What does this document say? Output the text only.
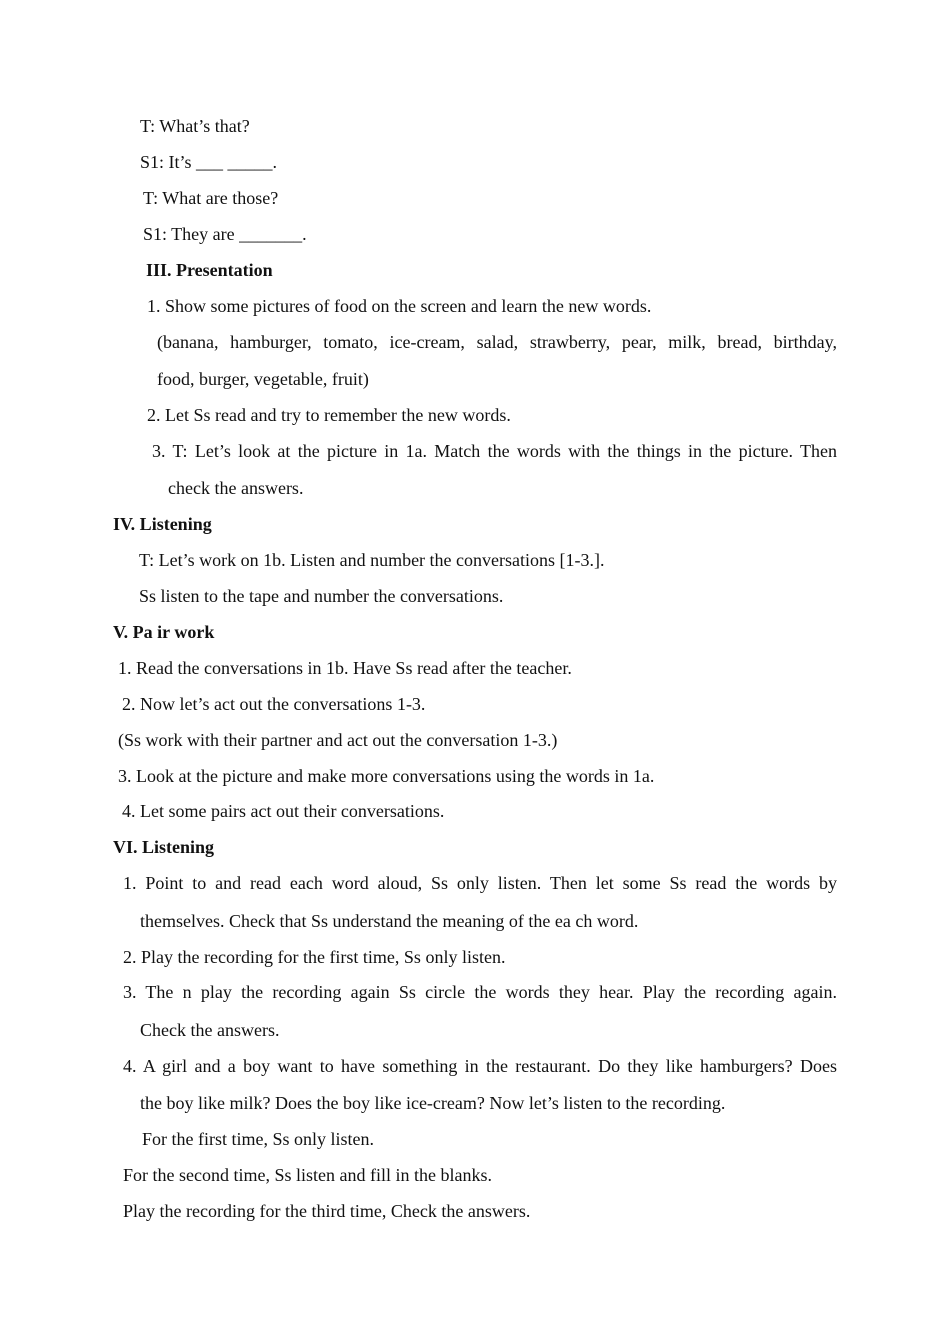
T: What’s that?
S1: It’s ___ _____.
T: What are those?
S1: They are _______.
III. Presentation
1. Show some pictures of food on the screen and learn the new words.
(banana, hamburger, tomato, ice-cream, salad, strawberry, pear, milk, bread, birthday,
food, burger, vegetable, fruit)
2. Let Ss read and try to remember the new words.
3. T: Let’s look at the picture in 1a. Match the words with the things in the picture. Then
check the answers.
IV. Listening
T: Let’s work on 1b. Listen and number the conversations [1-3.].
Ss listen to the tape and number the conversations.
V. Pa ir work
1. Read the conversations in 1b. Have Ss read after the teacher.
2. Now let’s act out the conversations 1-3.
(Ss work with their partner and act out the conversation 1-3.)
3. Look at the picture and make more conversations using the words in 1a.
4. Let some pairs act out their conversations.
VI. Listening
1. Point to and read each word aloud, Ss only listen. Then let some Ss read the words by
themselves. Check that Ss understand the meaning of the ea ch word.
2. Play the recording for the first time, Ss only listen.
3. The n play the recording again Ss circle the words they hear. Play the recording again.
Check the answers.
4. A girl and a boy want to have something in the restaurant. Do they like hamburgers? Does
the boy like milk? Does the boy like ice-cream? Now let’s listen to the recording.
For the first time, Ss only listen.
For the second time, Ss listen and fill in the blanks.
Play the recording for the third time, Check the answers.
